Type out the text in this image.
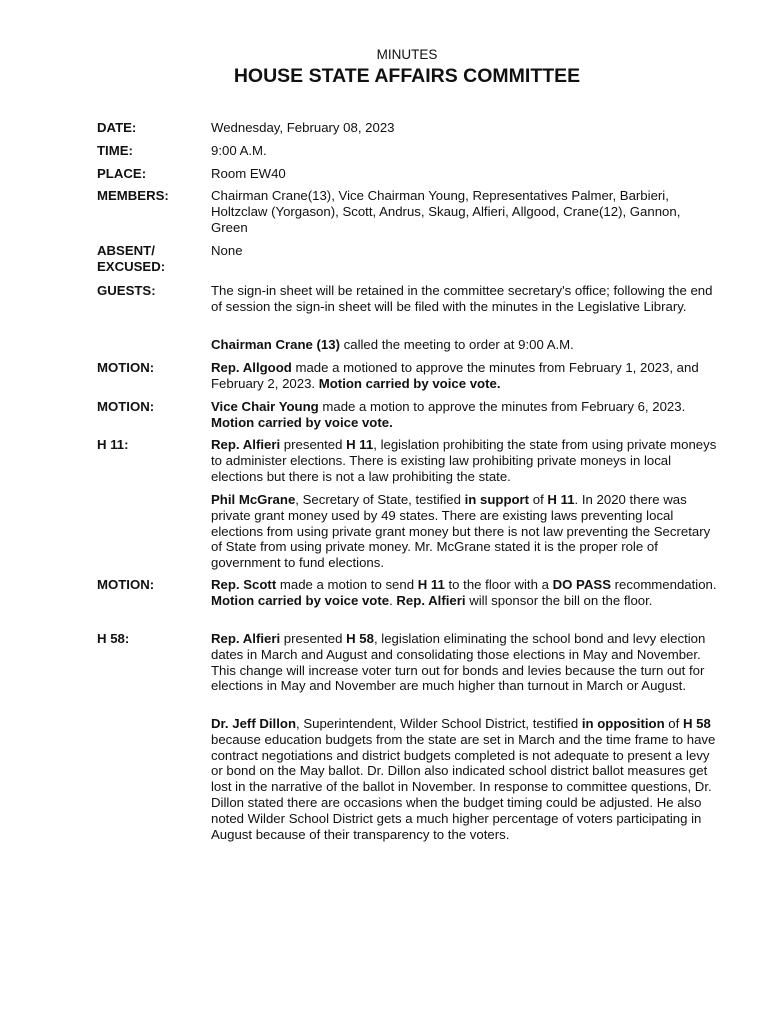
MINUTES
HOUSE STATE AFFAIRS COMMITTEE
DATE:	Wednesday, February 08, 2023
TIME:	9:00 A.M.
PLACE:	Room EW40
MEMBERS:	Chairman Crane(13), Vice Chairman Young, Representatives Palmer, Barbieri, Holtzclaw (Yorgason), Scott, Andrus, Skaug, Alfieri, Allgood, Crane(12), Gannon, Green
ABSENT/ EXCUSED:
None
GUESTS:	The sign-in sheet will be retained in the committee secretary's office; following the end of session the sign-in sheet will be filed with the minutes in the Legislative Library.
Chairman Crane (13) called the meeting to order at 9:00 A.M.
MOTION:	Rep. Allgood made a motioned to approve the minutes from February 1, 2023, and February 2, 2023. Motion carried by voice vote.
MOTION:	Vice Chair Young made a motion to approve the minutes from February 6, 2023. Motion carried by voice vote.
H 11:	Rep. Alfieri presented H 11, legislation prohibiting the state from using private moneys to administer elections. There is existing law prohibiting private moneys in local elections but there is not a law prohibiting the state.
Phil McGrane, Secretary of State, testified in support of H 11. In 2020 there was private grant money used by 49 states. There are existing laws preventing local elections from using private grant money but there is not law preventing the Secretary of State from using private money. Mr. McGrane stated it is the proper role of government to fund elections.
MOTION:	Rep. Scott made a motion to send H 11 to the floor with a DO PASS recommendation. Motion carried by voice vote. Rep. Alfieri will sponsor the bill on the floor.
H 58:	Rep. Alfieri presented H 58, legislation eliminating the school bond and levy election dates in March and August and consolidating those elections in May and November. This change will increase voter turn out for bonds and levies because the turn out for elections in May and November are much higher than turnout in March or August.
Dr. Jeff Dillon, Superintendent, Wilder School District, testified in opposition of H 58 because education budgets from the state are set in March and the time frame to have contract negotiations and district budgets completed is not adequate to present a levy or bond on the May ballot. Dr. Dillon also indicated school district ballot measures get lost in the narrative of the ballot in November. In response to committee questions, Dr. Dillon stated there are occasions when the budget timing could be adjusted. He also noted Wilder School District gets a much higher percentage of voters participating in August because of their transparency to the voters.
